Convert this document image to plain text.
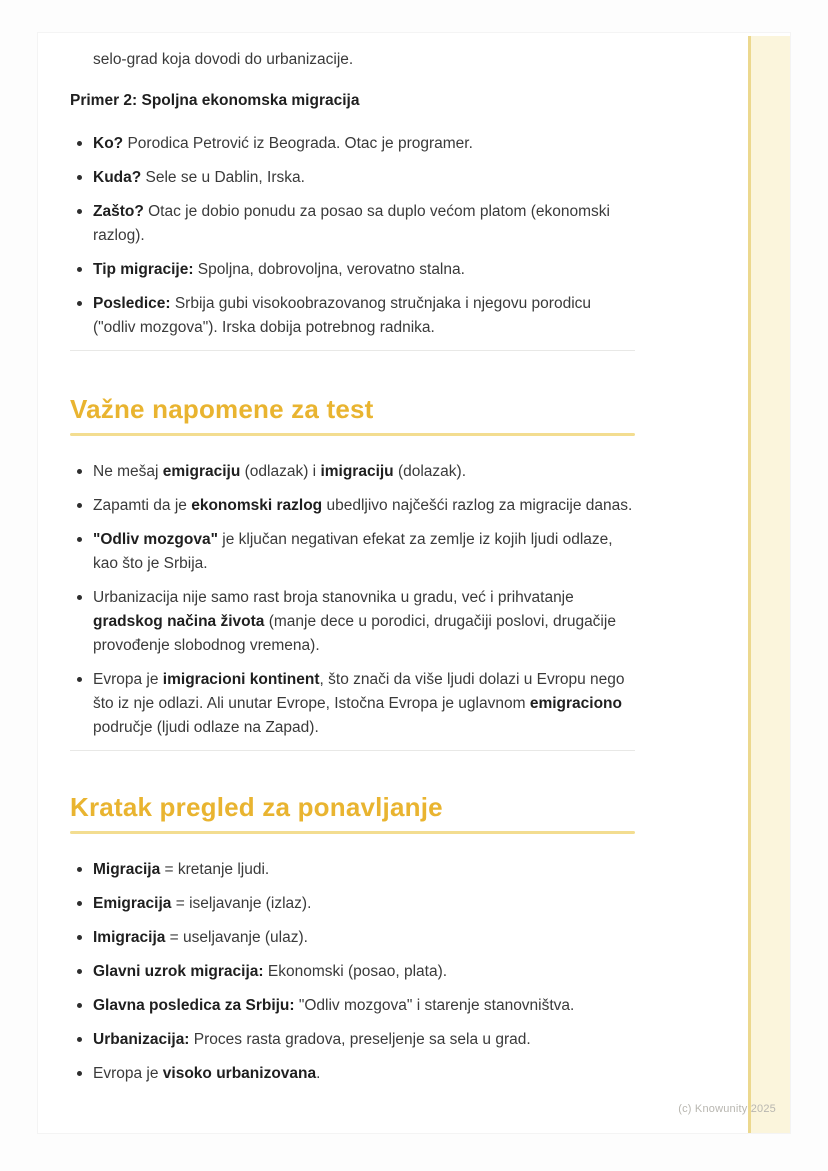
selo-grad koja dovodi do urbanizacije.

Primer 2: Spoljna ekonomska migracija

Ko? Porodica Petrović iz Beograda. Otac je programer.
Kuda? Sele se u Dablin, Irska.
Zašto? Otac je dobio ponudu za posao sa duplo većom platom (ekonomski razlog).
Tip migracije: Spoljna, dobrovoljna, verovatno stalna.
Posledice: Srbija gubi visokoobrazovanog stručnjaka i njegovu porodicu ("odliv mozgova"). Irska dobija potrebnog radnika.
Važne napomene za test
Ne mešaj emigraciju (odlazak) i imigraciju (dolazak).
Zapamti da je ekonomski razlog ubedljivo najčešći razlog za migracije danas.
"Odliv mozgova" je ključan negativan efekat za zemlje iz kojih ljudi odlaze, kao što je Srbija.
Urbanizacija nije samo rast broja stanovnika u gradu, već i prihvatanje gradskog načina života (manje dece u porodici, drugačiji poslovi, drugačije provođenje slobodnog vremena).
Evropa je imigracioni kontinent, što znači da više ljudi dolazi u Evropu nego što iz nje odlazi. Ali unutar Evrope, Istočna Evropa je uglavnom emigraciono područje (ljudi odlaze na Zapad).
Kratak pregled za ponavljanje
Migracija = kretanje ljudi.
Emigracija = iseljavanje (izlaz).
Imigracija = useljavanje (ulaz).
Glavni uzrok migracija: Ekonomski (posao, plata).
Glavna posledica za Srbiju: "Odliv mozgova" i starenje stanovništva.
Urbanizacija: Proces rasta gradova, preseljenje sa sela u grad.
Evropa je visoko urbanizovana.
(c) Knowunity 2025
